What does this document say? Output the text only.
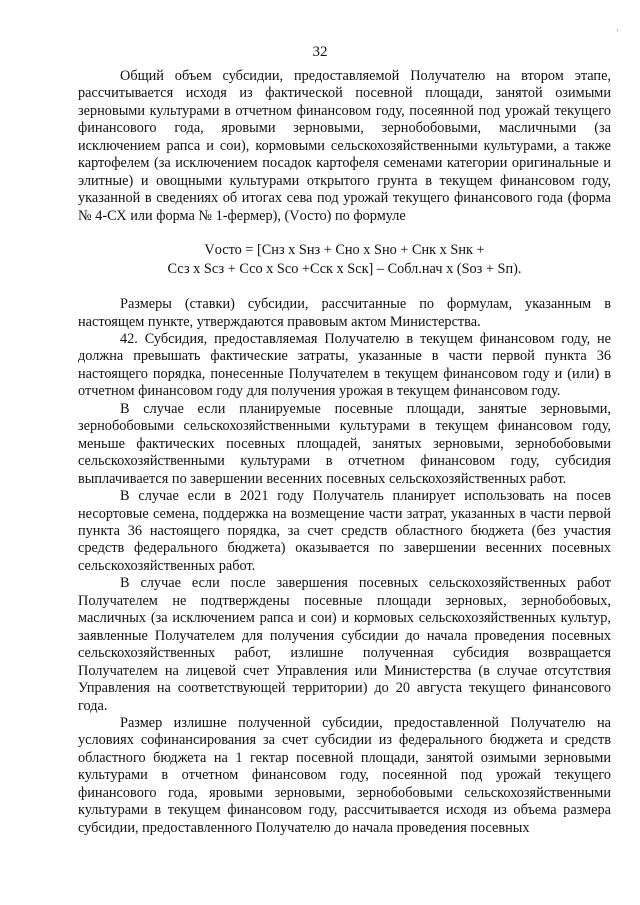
’
32

Общий объем субсидии, предоставляемой Получателю на втором этапе, рассчитывается исходя из фактической посевной площади, занятой озимыми зерновыми культурами в отчетном финансовом году, посеянной под урожай текущего финансового года, яровыми зерновыми, зернобобовыми, масличными (за исключением рапса и сои), кормовыми сельскохозяйственными культурами, а также картофелем (за исключением посадок картофеля семенами категории оригинальные и элитные) и овощными культурами открытого грунта в текущем финансовом году, указанной в сведениях об итогах сева под урожай текущего финансового года (форма № 4-СХ или форма № 1-фермер), (Vосто) по формуле

Vосто = [Снз x Sнз + Сно x Sно + Снк x Sнк +
Ссз x Sсз + Ссо x Sсо +Сск x Sск] – Собл.нач x (Sоз + Sп).

Размеры (ставки) субсидии, рассчитанные по формулам, указанным в настоящем пункте, утверждаются правовым актом Министерства.

42. Субсидия, предоставляемая Получателю в текущем финансовом году, не должна превышать фактические затраты, указанные в части первой пункта 36 настоящего порядка, понесенные Получателем в текущем финансовом году и (или) в отчетном финансовом году для получения урожая в текущем финансовом году.

В случае если планируемые посевные площади, занятые зерновыми, зернобобовыми сельскохозяйственными культурами в текущем финансовом году, меньше фактических посевных площадей, занятых зерновыми, зернобобовыми сельскохозяйственными культурами в отчетном финансовом году, субсидия выплачивается по завершении весенних посевных сельскохозяйственных работ.

В случае если в 2021 году Получатель планирует использовать на посев несортовые семена, поддержка на возмещение части затрат, указанных в части первой пункта 36 настоящего порядка, за счет средств областного бюджета (без участия средств федерального бюджета) оказывается по завершении весенних посевных сельскохозяйственных работ.

В случае если после завершения посевных сельскохозяйственных работ Получателем не подтверждены посевные площади зерновых, зернобобовых, масличных (за исключением рапса и сои) и кормовых сельскохозяйственных культур, заявленные Получателем для получения субсидии до начала проведения посевных сельскохозяйственных работ, излишне полученная субсидия возвращается Получателем на лицевой счет Управления или Министерства (в случае отсутствия Управления на соответствующей территории) до 20 августа текущего финансового года.

Размер излишне полученной субсидии, предоставленной Получателю на условиях софинансирования за счет субсидии из федерального бюджета и средств областного бюджета на 1 гектар посевной площади, занятой озимыми зерновыми культурами в отчетном финансовом году, посеянной под урожай текущего финансового года, яровыми зерновыми, зернобобовыми сельскохозяйственными культурами в текущем финансовом году, рассчитывается исходя из объема размера субсидии, предоставленного Получателю до начала проведения посевных
